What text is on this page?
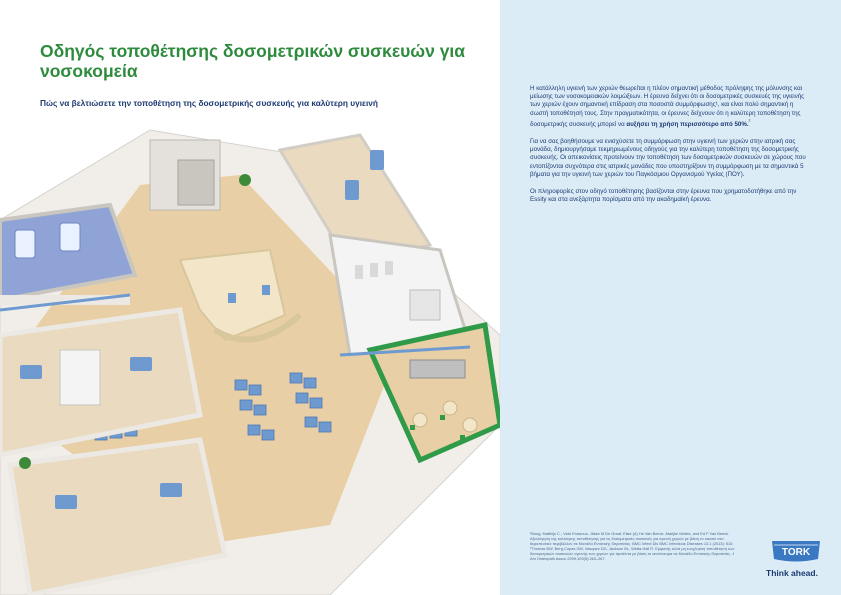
Οδηγός τοποθέτησης δοσομετρικών συσκευών για νοσοκομεία
Πώς να βελτιώσετε την τοποθέτηση της δοσομετρικής συσκευής για καλύτερη υγιεινή

Η κατάλληλη υγιεινή των χεριών θεωρείται η πλέον σημαντική μέθοδος πρόληψης της μόλυνσης και μείωσης των νοσοκομειακών λοιμώξεων. Η έρευνα δείχνει ότι οι δοσομετρικές συσκευές της υγιεινής των χεριών έχουν σημαντική επίδραση στα ποσοστά συμμόρφωσης¹, και είναι πολύ σημαντική η σωστή τοποθέτησή τους. Στην πραγματικότητα, οι έρευνες δείχνουν ότι η καλύτερη τοποθέτηση της δοσομετρικής συσκευής μπορεί να αυξήσει τη χρήση περισσότερο από 50%.$^{^2}$

Για να σας βοηθήσουμε να ενισχύσετε τη συμμόρφωση στην υγιεινή των χεριών στην ιατρική σας μονάδα, δημιουργήσαμε τεκμηριωμένους οδηγούς για την καλύτερη τοποθέτηση της δοσομετρικής συσκευής. Οι απεικονίσεις προτείνουν την τοποθέτηση των δοσομετρικών συσκευών σε χώρους που εντοπίζονται συχνότερα στις ιατρικές μονάδες που υποστηρίζουν τη συμμόρφωση με τα σημαντικά 5 βήματα για την υγιεινή των χεριών του Παγκόσμιου Οργανισμού Υγείας (ΠΟΥ).

Οι πληροφορίες στον οδηγό τοποθέτησης βασίζονται στην έρευνα που χρηματοδοτήθηκε από την Essity και στα ανεξάρτητα πορίσματα από την ακαδημαϊκή έρευνα.

¹Boog, Matthijs C., Vicki Erasmus, Jitske M De Graaf, Elise (A) He Van Beeck, Marijke Melles, and Ed F Van Beeck. Αξιολόγηση της καλύτερης τοποθέτησης για τις δοσομετρικές συσκευές για υγιεινή χεριών με βάση το οικοσύ στο θεραπευτικό περιβάλλον σε Μονάδα Εντατικής Θεραπείας. BMC Infect Dis BMC Infectious Diseases 13.1 (2013): 510.

²Thomas BW, Berg-Copas GM, Vasquez DG, Jackson BL, Wetta-Hall R. Εμφανής αλλά μη ενοχλητική τοποθέτηση των δοσομετρικών συσκευών υγιεινής των χεριών για προϊόντα με βάση το οινόπνευμα σε Μονάδα Εντατικής Θεραπείας. J Am Osteopath Assoc 2009;109(5):263–267.

TORK
Think ahead.
